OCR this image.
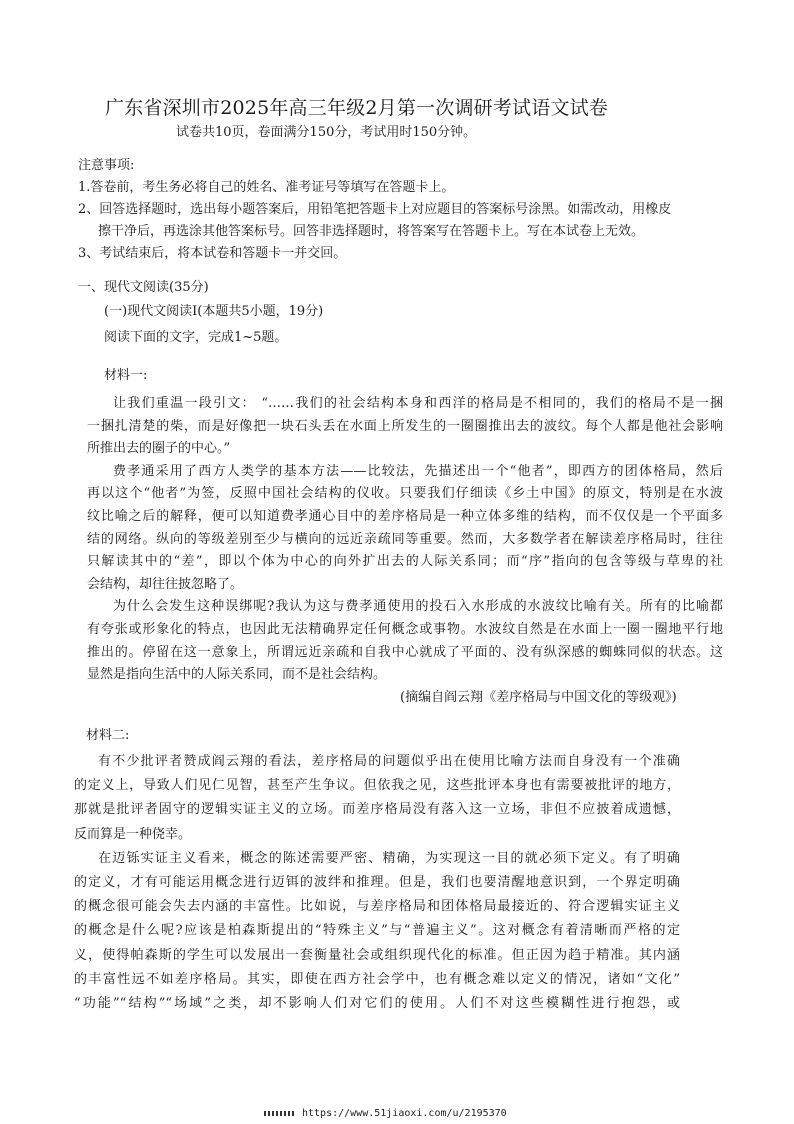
广东省深圳市2025年高三年级2月第一次调研考试语文试卷
试卷共10页，卷面满分150分，考试用时150分钟。
注意事项:
1.答卷前，考生务必将自己的姓名、准考证号等填写在答题卡上。
2、回答选择题时，选出每小题答案后，用铅笔把答题卡上对应题目的答案标号涂黑。如需改动，用橡皮
擦干净后，再选涂其他答案标号。回答非选择题时，将答案写在答题卡上。写在本试卷上无效。
3、考试结束后，将本试卷和答题卡一并交回。
一、现代文阅读(35分)
(一)现代文阅读Ⅰ(本题共5小题，19分)
阅读下面的文字，完成1~5题。
材料一:
让我们重温一段引文： “……我们的社会结构本身和西洋的格局是不相同的，我们的格局不是一捆
一捆扎清楚的柴，而是好像把一块石头丢在水面上所发生的一圈圈推出去的波纹。每个人都是他社会影响
所推出去的圈子的中心。”
费孝通采用了西方人类学的基本方法——比较法，先描述出一个“他者”，即西方的团体格局，然后
再以这个“他者”为签，反照中国社会结构的仪收。只要我们仔细读《乡土中国》的原文，特别是在水波
纹比喻之后的解释，便可以知道费孝通心目中的差序格局是一种立体多维的结构，而不仅仅是一个平面多
结的网络。纵向的等级差别至少与横向的远近亲疏同等重要。然而，大多数学者在解读差序格局时，往往
只解读其中的“差”，即以个体为中心的向外扩出去的人际关系同；而“序”指向的包含等级与草卑的社
会结构，却往往披忽略了。
为什么会发生这种误绑呢?我认为这与费孝通使用的投石入水形成的水波纹比喻有关。所有的比喻都
有夸张或形象化的特点，也因此无法精确界定任何概念或事物。水波纹自然是在水面上一圈一圈地平行地
推出的。停留在这一意象上，所谓远近亲疏和自我中心就成了平面的、没有纵深感的蜘蛛同似的状态。这
显然是指向生活中的人际关系同，而不是社会结构。
(摘编自阎云翔《差序格局与中国文化的等级观》)
材料二:
有不少批评者赞成阎云翔的看法，差序格局的问题似乎出在使用比喻方法而自身没有一个准确
的定义上，导致人们见仁见智，甚至产生争议。但依我之见，这些批评本身也有需要被批评的地方，
那就是批评者固守的逻辑实证主义的立场。而差序格局没有落入这一立场，非但不应披着成遗憾，
反而算是一种侥幸。
在迈铄实证主义看来，概念的陈述需要严密、精确，为实现这一目的就必须下定义。有了明确
的定义，才有可能运用概念进行迈铒的波绊和推理。但是，我们也要清醒地意识到，一个界定明确
的概念很可能会失去内涵的丰富性。比如说，与差序格局和团体格局最接近的、符合逻辑实证主义
的概念是什么呢?应该是柏森斯提出的“特殊主义”与“普遍主义”。这对概念有着清晰而严格的定
义，使得帕森斯的学生可以发展出一套衡量社会或组织现代化的标准。但正因为趋于精准。其内涵
的丰富性远不如差序格局。其实，即使在西方社会学中，也有概念难以定义的情况，诸如“文化”
“功能”“结构”“场域”之类，却不影响人们对它们的使用。人们不对这些模糊性进行抱怨，或
https://www.51jiaoxi.com/u/2195370
